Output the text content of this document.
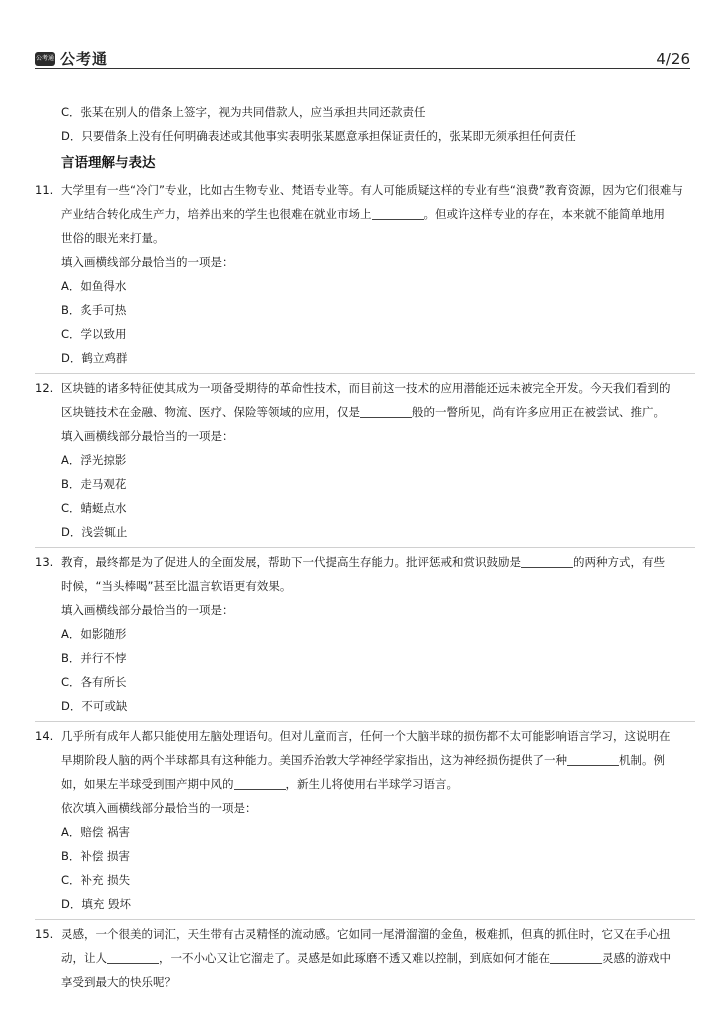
公考通 公考通	4/26
C．张某在别人的借条上签字，视为共同借款人，应当承担共同还款责任
D．只要借条上没有任何明确表述或其他事实表明张某愿意承担保证责任的，张某即无须承担任何责任
言语理解与表达
11. 大学里有一些“冷门”专业，比如古生物专业、梵语专业等。有人可能质疑这样的专业有些“浪费”教育资源，因为它们很难与
产业结合转化成生产力，培养出来的学生也很难在就业市场上	。但或许这样专业的存在，本来就不能简单地用
世俗的眼光来打量。
填入画横线部分最恰当的一项是：
A．如鱼得水
B．炙手可热
C．学以致用
D．鹤立鸡群
12. 区块链的诸多特征使其成为一项备受期待的革命性技术，而目前这一技术的应用潜能还远未被完全开发。今天我们看到的
区块链技术在金融、物流、医疗、保险等领域的应用，仅是	般的一瞥所见，尚有许多应用正在被尝试、推广。
填入画横线部分最恰当的一项是：
A．浮光掠影
B．走马观花
C．蜻蜓点水
D．浅尝辄止
13. 教育，最终都是为了促进人的全面发展，帮助下一代提高生存能力。批评惩戒和赏识鼓励是	的两种方式，有些
时候，“当头棒喝”甚至比温言软语更有效果。
填入画横线部分最恰当的一项是：
A．如影随形
B．并行不悖
C．各有所长
D．不可或缺
14. 几乎所有成年人都只能使用左脑处理语句。但对儿童而言，任何一个大脑半球的损伤都不太可能影响语言学习，这说明在
早期阶段人脑的两个半球都具有这种能力。美国乔治敦大学神经学家指出，这为神经损伤提供了一种	机制。例
如，如果左半球受到围产期中风的	，新生儿将使用右半球学习语言。
依次填入画横线部分最恰当的一项是：
A．赔偿 祸害
B．补偿 损害
C．补充 损失
D．填充 毁坏
15. 灵感，一个很美的词汇，天生带有古灵精怪的流动感。它如同一尾滑溜溜的金鱼，极难抓，但真的抓住时，它又在手心扭
动，让人	，一不小心又让它溜走了。灵感是如此琢磨不透又难以控制，到底如何才能在	灵感的游戏中
享受到最大的快乐呢？
